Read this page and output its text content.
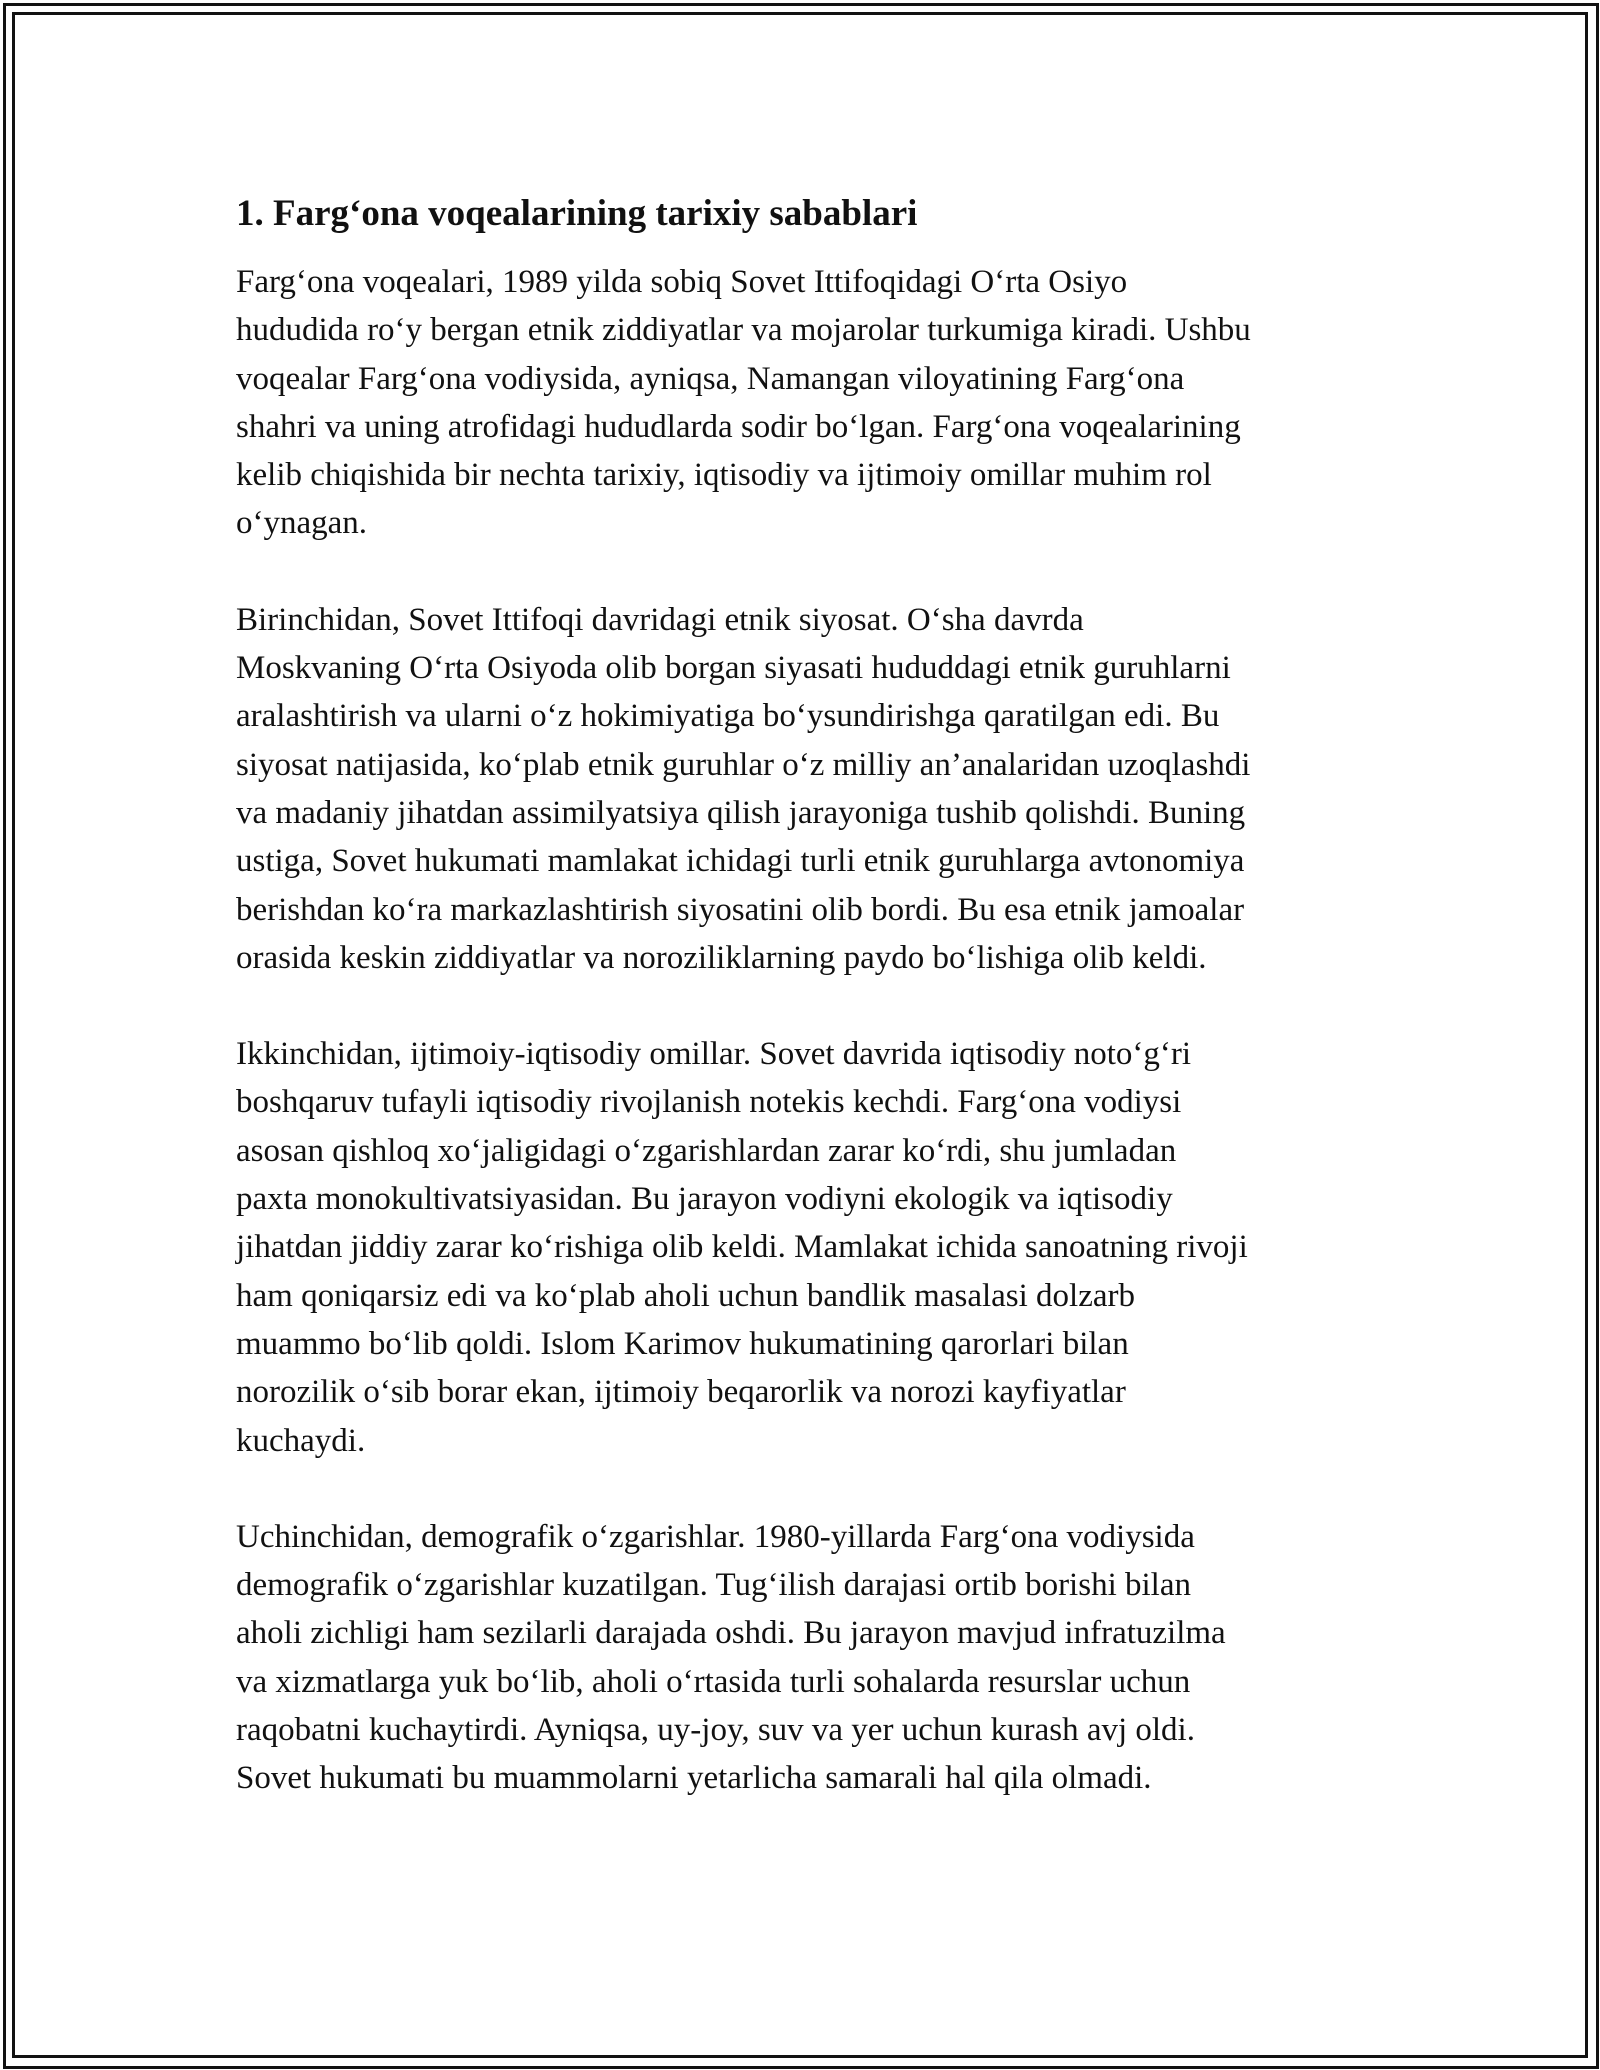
1. Farg‘ona voqealarining tarixiy sabablari

Farg‘ona voqealari, 1989 yilda sobiq Sovet Ittifoqidagi O‘rta Osiyo
hududida ro‘y bergan etnik ziddiyatlar va mojarolar turkumiga kiradi. Ushbu
voqealar Farg‘ona vodiysida, ayniqsa, Namangan viloyatining Farg‘ona
shahri va uning atrofidagi hududlarda sodir bo‘lgan. Farg‘ona voqealarining
kelib chiqishida bir nechta tarixiy, iqtisodiy va ijtimoiy omillar muhim rol
o‘ynagan.

Birinchidan, Sovet Ittifoqi davridagi etnik siyosat. O‘sha davrda
Moskvaning O‘rta Osiyoda olib borgan siyasati hududdagi etnik guruhlarni
aralashtirish va ularni o‘z hokimiyatiga bo‘ysundirishga qaratilgan edi. Bu
siyosat natijasida, ko‘plab etnik guruhlar o‘z milliy an’analaridan uzoqlashdi
va madaniy jihatdan assimilyatsiya qilish jarayoniga tushib qolishdi. Buning
ustiga, Sovet hukumati mamlakat ichidagi turli etnik guruhlarga avtonomiya
berishdan ko‘ra markazlashtirish siyosatini olib bordi. Bu esa etnik jamoalar
orasida keskin ziddiyatlar va noroziliklarning paydo bo‘lishiga olib keldi.

Ikkinchidan, ijtimoiy-iqtisodiy omillar. Sovet davrida iqtisodiy noto‘g‘ri
boshqaruv tufayli iqtisodiy rivojlanish notekis kechdi. Farg‘ona vodiysi
asosan qishloq xo‘jaligidagi o‘zgarishlardan zarar ko‘rdi, shu jumladan
paxta monokultivatsiyasidan. Bu jarayon vodiyni ekologik va iqtisodiy
jihatdan jiddiy zarar ko‘rishiga olib keldi. Mamlakat ichida sanoatning rivoji
ham qoniqarsiz edi va ko‘plab aholi uchun bandlik masalasi dolzarb
muammo bo‘lib qoldi. Islom Karimov hukumatining qarorlari bilan
norozilik o‘sib borar ekan, ijtimoiy beqarorlik va norozi kayfiyatlar
kuchaydi.

Uchinchidan, demografik o‘zgarishlar. 1980-yillarda Farg‘ona vodiysida
demografik o‘zgarishlar kuzatilgan. Tug‘ilish darajasi ortib borishi bilan
aholi zichligi ham sezilarli darajada oshdi. Bu jarayon mavjud infratuzilma
va xizmatlarga yuk bo‘lib, aholi o‘rtasida turli sohalarda resurslar uchun
raqobatni kuchaytirdi. Ayniqsa, uy-joy, suv va yer uchun kurash avj oldi.
Sovet hukumati bu muammolarni yetarlicha samarali hal qila olmadi.
